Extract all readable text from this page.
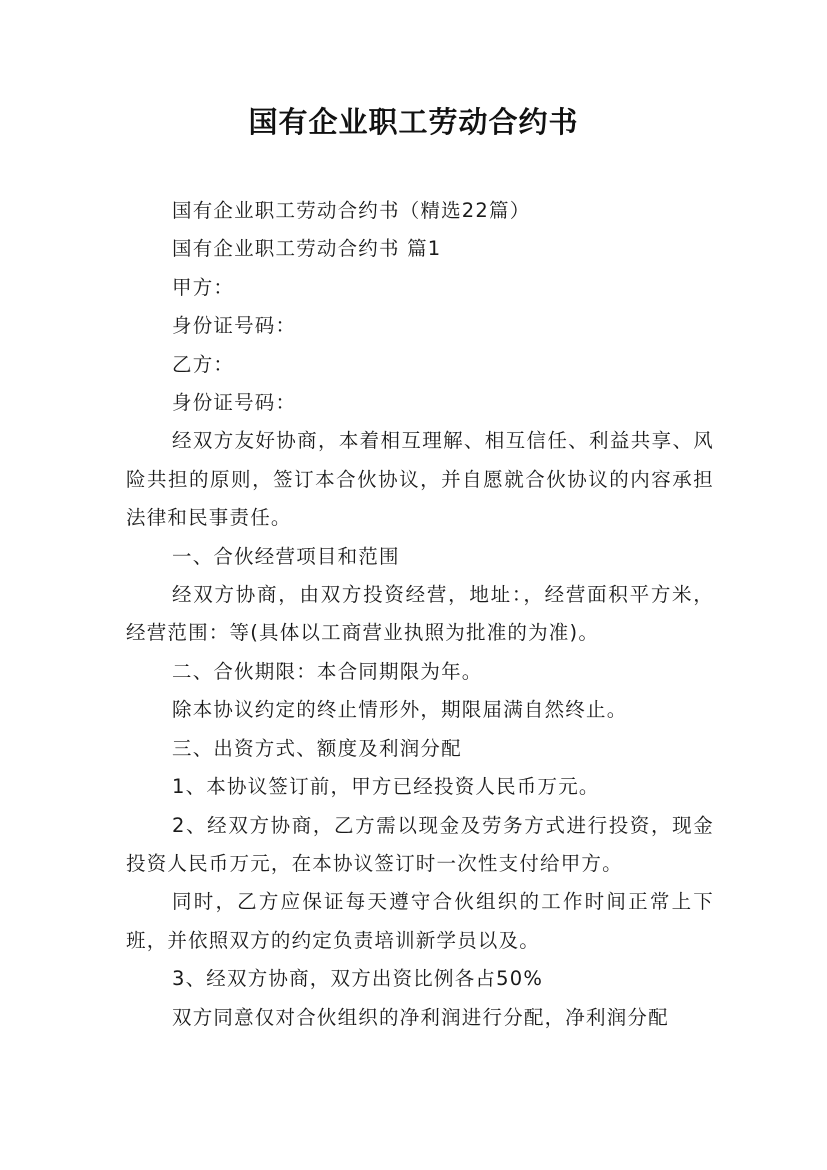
国有企业职工劳动合约书

国有企业职工劳动合约书（精选22篇）

国有企业职工劳动合约书 篇1

甲方：

身份证号码：

乙方：

身份证号码：

经双方友好协商，本着相互理解、相互信任、利益共享、风险共担的原则，签订本合伙协议，并自愿就合伙协议的内容承担法律和民事责任。

一、合伙经营项目和范围

经双方协商，由双方投资经营，地址：，经营面积平方米，经营范围：等(具体以工商营业执照为批准的为准)。

二、合伙期限：本合同期限为年。

除本协议约定的终止情形外，期限届满自然终止。

三、出资方式、额度及利润分配

1、本协议签订前，甲方已经投资人民币万元。

2、经双方协商，乙方需以现金及劳务方式进行投资，现金投资人民币万元，在本协议签订时一次性支付给甲方。

同时，乙方应保证每天遵守合伙组织的工作时间正常上下班，并依照双方的约定负责培训新学员以及。

3、经双方协商，双方出资比例各占50%

双方同意仅对合伙组织的净利润进行分配，净利润分配
